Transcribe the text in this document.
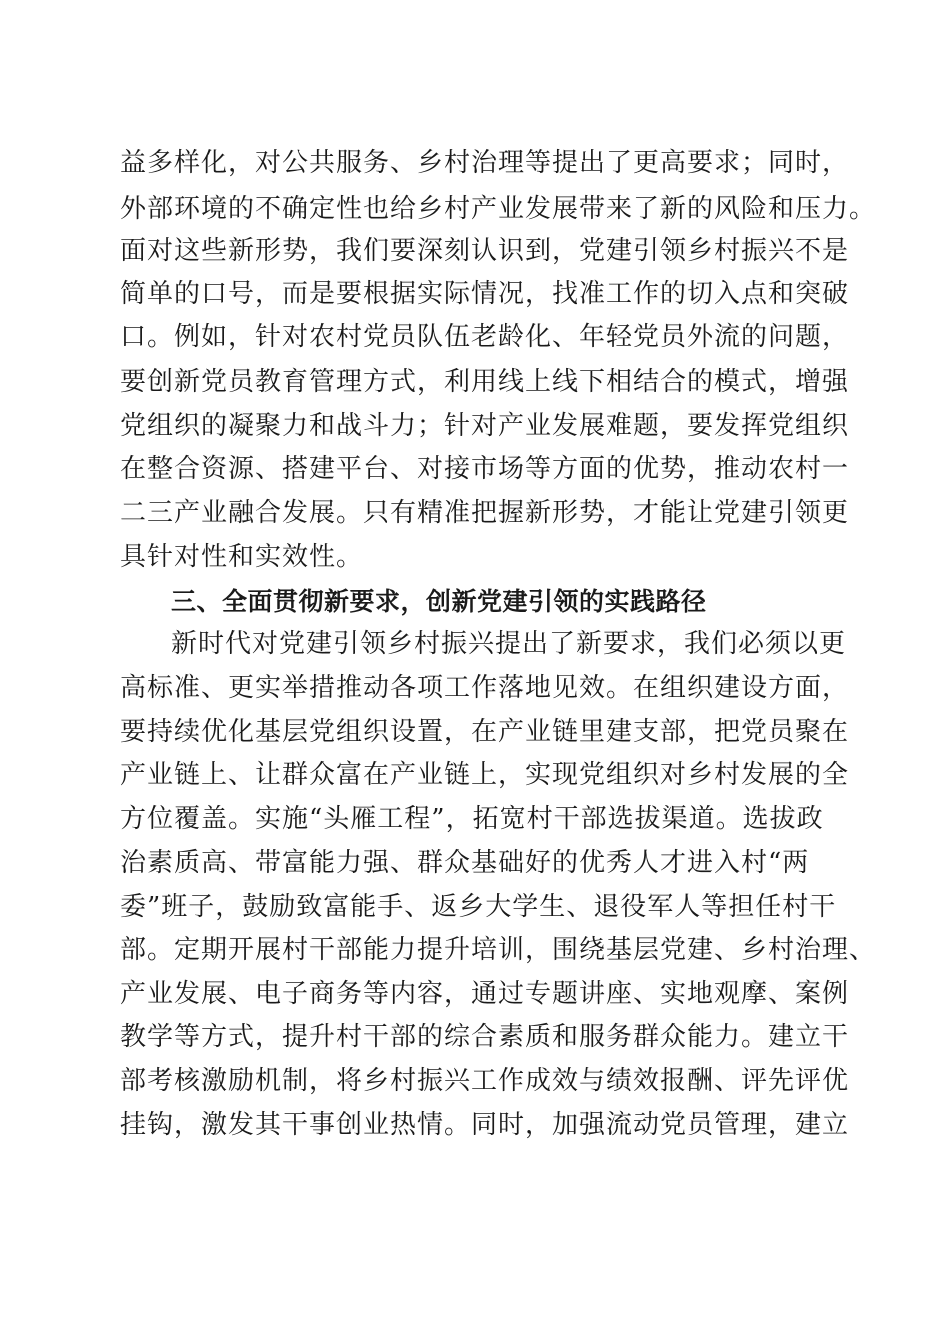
益多样化，对公共服务、乡村治理等提出了更高要求；同时，
外部环境的不确定性也给乡村产业发展带来了新的风险和压力。
面对这些新形势，我们要深刻认识到，党建引领乡村振兴不是
简单的口号，而是要根据实际情况，找准工作的切入点和突破
口。例如，针对农村党员队伍老龄化、年轻党员外流的问题，
要创新党员教育管理方式，利用线上线下相结合的模式，增强
党组织的凝聚力和战斗力；针对产业发展难题，要发挥党组织
在整合资源、搭建平台、对接市场等方面的优势，推动农村一
二三产业融合发展。只有精准把握新形势，才能让党建引领更
具针对性和实效性。
三、全面贯彻新要求，创新党建引领的实践路径
新时代对党建引领乡村振兴提出了新要求，我们必须以更
高标准、更实举措推动各项工作落地见效。在组织建设方面，
要持续优化基层党组织设置，在产业链里建支部，把党员聚在
产业链上、让群众富在产业链上，实现党组织对乡村发展的全
方位覆盖。实施“头雁工程”，拓宽村干部选拔渠道。选拔政
治素质高、带富能力强、群众基础好的优秀人才进入村“两
委”班子，鼓励致富能手、返乡大学生、退役军人等担任村干
部。定期开展村干部能力提升培训，围绕基层党建、乡村治理、
产业发展、电子商务等内容，通过专题讲座、实地观摩、案例
教学等方式，提升村干部的综合素质和服务群众能力。建立干
部考核激励机制，将乡村振兴工作成效与绩效报酬、评先评优
挂钩，激发其干事创业热情。同时，加强流动党员管理，建立
